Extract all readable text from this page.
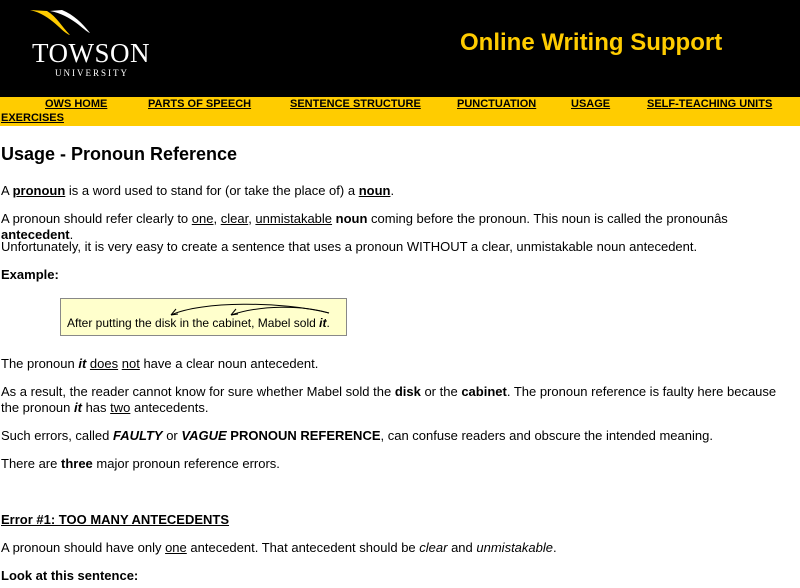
TOWSON
UNIVERSITY
Online Writing Support
OWS HOME	PARTS OF SPEECH	SENTENCE STRUCTURE	PUNCTUATION	USAGE	SELF-TEACHING UNITS
EXERCISES
Usage - Pronoun Reference

A pronoun is a word used to stand for (or take the place of) a noun.

A pronoun should refer clearly to one, clear, unmistakable noun coming before the pronoun. This noun is called the pronounâs antecedent.

Unfortunately, it is very easy to create a sentence that uses a pronoun WITHOUT a clear, unmistakable noun antecedent.

Example:

After putting the disk in the cabinet, Mabel sold it.

The pronoun it does not have a clear noun antecedent.

As a result, the reader cannot know for sure whether Mabel sold the disk or the cabinet. The pronoun reference is faulty here because the pronoun it has two antecedents.

Such errors, called FAULTY or VAGUE PRONOUN REFERENCE, can confuse readers and obscure the intended meaning.

There are three major pronoun reference errors.

Error #1: TOO MANY ANTECEDENTS

A pronoun should have only one antecedent. That antecedent should be clear and unmistakable.

Look at this sentence:
